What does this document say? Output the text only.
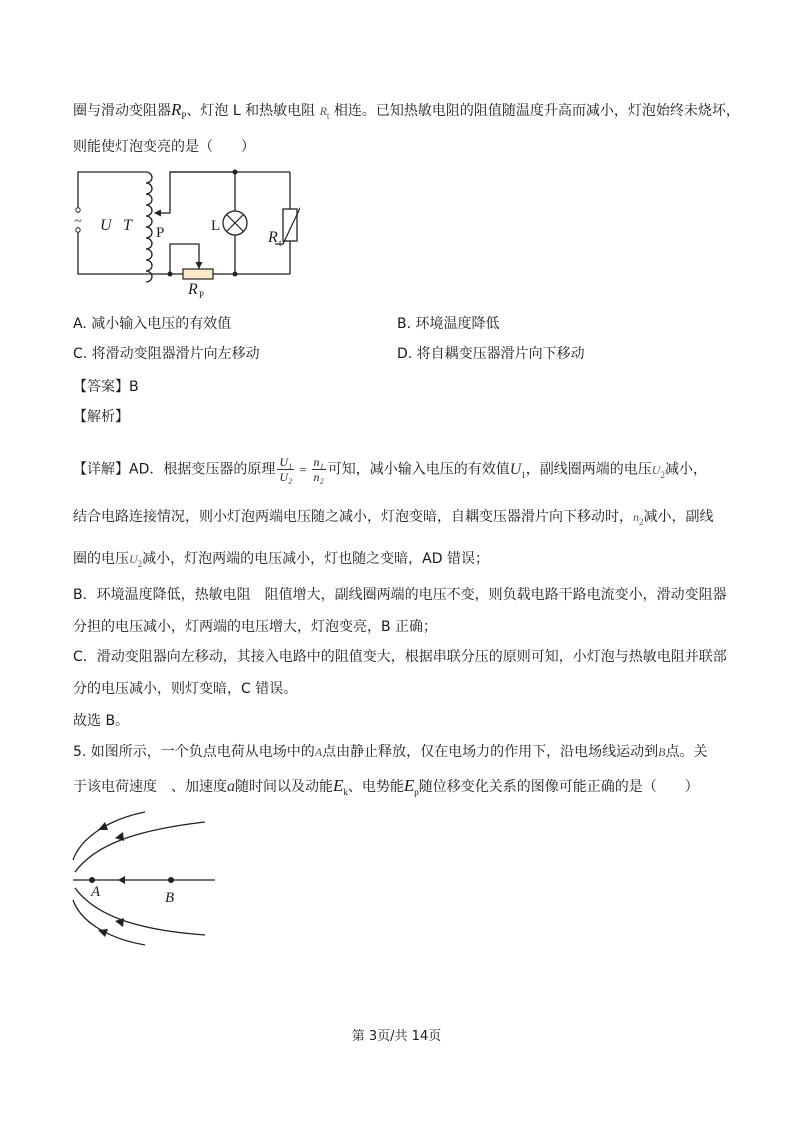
圈与滑动变阻器$R_P$、灯泡 L 和热敏电阻 $R_t$ 相连。已知热敏电阻的阻值随温度升高而减小，灯泡始终未烧坏，
则能使灯泡变亮的是（　　）
~ U T P	L
R t
R P
A. 减小输入电压的有效值	B. 环境温度降低
C. 将滑动变阻器滑片向左移动	D. 将自耦变压器滑片向下移动
【答案】B
【解析】
【详解】AD．根据变压器的原理 $\frac{\text{U₁}}{\text{U₂}} = \frac{\text{n₁}}{\text{n₂}}$ 可知，减小输入电压的有效值$U_1$，副线圈两端的电压$U_2$减小，
结合电路连接情况，则小灯泡两端电压随之减小，灯泡变暗，自耦变压器滑片向下移动时，$n_2$减小，副线
圈的电压$U_2$减小，灯泡两端的电压减小，灯也随之变暗，AD 错误；
B．环境温度降低，热敏电阻　阻值增大，副线圈两端的电压不变，则负载电路干路电流变小，滑动变阻器
分担的电压减小，灯两端的电压增大，灯泡变亮，B 正确；
C．滑动变阻器向左移动，其接入电路中的阻值变大，根据串联分压的原则可知，小灯泡与热敏电阻并联部
分的电压减小，则灯变暗，C 错误。
故选 B。
5. 如图所示，一个负点电荷从电场中的A点由静止释放，仅在电场力的作用下，沿电场线运动到B点。关
于该电荷速度　、加速度a随时间以及动能$E_k$、电势能$E_p$随位移变化关系的图像可能正确的是（　　）
A	B
第 3页/共 14页
